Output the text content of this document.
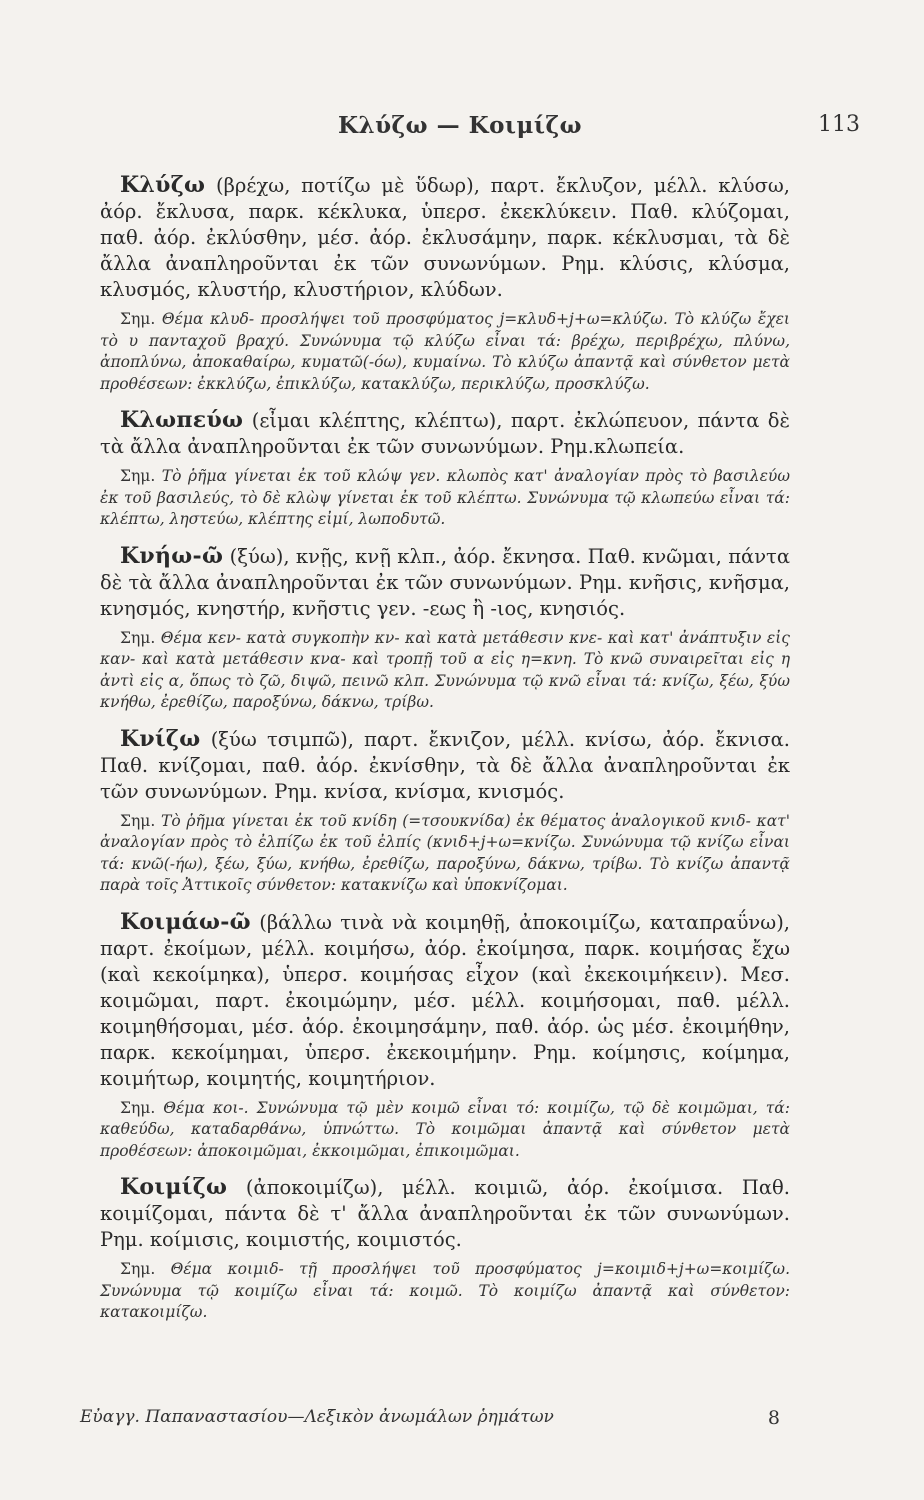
Κλύζω — Κοιμίζω	113

Κλύζω (βρέχω, ποτίζω μὲ ὕδωρ), παρτ. ἔκλυζον, μέλλ. κλύσω, ἀόρ. ἔκλυσα, παρκ. κέκλυκα, ὑπερσ. ἐκεκλύκειν. Παθ. κλύζομαι, παθ. ἀόρ. ἐκλύσθην, μέσ. ἀόρ. ἐκλυσάμην, παρκ. κέκλυσμαι, τὰ δὲ ἄλλα ἀναπληροῦνται ἐκ τῶν συνωνύμων. Ρημ. κλύσις, κλύσμα, κλυσμός, κλυστήρ, κλυστήριον, κλύδων.

Σημ. Θέμα κλυδ- προσλήψει τοῦ προσφύματος j=κλυδ+j+ω=κλύζω. Τὸ κλύζω ἔχει τὸ υ πανταχοῦ βραχύ. Συνώνυμα τῷ κλύζω εἶναι τά: βρέχω, περιβρέχω, πλύνω, ἀποπλύνω, ἀποκαθαίρω, κυματῶ(-όω), κυμαίνω. Τὸ κλύζω ἀπαντᾷ καὶ σύνθετον μετὰ προθέσεων: ἐκκλύζω, ἐπικλύζω, κατακλύζω, περικλύζω, προσκλύζω.

Κλωπεύω (εἶμαι κλέπτης, κλέπτω), παρτ. ἐκλώπευον, πάντα δὲ τὰ ἄλλα ἀναπληροῦνται ἐκ τῶν συνωνύμων. Ρημ.κλωπεία.

Σημ. Τὸ ῥῆμα γίνεται ἐκ τοῦ κλώψ γεν. κλωπὸς κατ' ἀναλογίαν πρὸς τὸ βασιλεύω ἐκ τοῦ βασιλεύς, τὸ δὲ κλὼψ γίνεται ἐκ τοῦ κλέπτω. Συνώνυμα τῷ κλωπεύω εἶναι τά: κλέπτω, ληστεύω, κλέπτης εἰμί, λωποδυτῶ.

Κνήω-ῶ (ξύω), κνῇς, κνῇ κλπ., ἀόρ. ἔκνησα. Παθ. κνῶμαι, πάντα δὲ τὰ ἄλλα ἀναπληροῦνται ἐκ τῶν συνωνύμων. Ρημ. κνῆσις, κνῆσμα, κνησμός, κνηστήρ, κνῆστις γεν. -εως ἢ -ιος, κνησιός.

Σημ. Θέμα κεν- κατὰ συγκοπὴν κν- καὶ κατὰ μετάθεσιν κνε- καὶ κατ' ἀνάπτυξιν εἰς καν- καὶ κατὰ μετάθεσιν κνα- καὶ τροπῇ τοῦ α εἰς η=κνη. Τὸ κνῶ συναιρεῖται εἰς η ἀντὶ εἰς α, ὅπως τὸ ζῶ, διψῶ, πεινῶ κλπ. Συνώνυμα τῷ κνῶ εἶναι τά: κνίζω, ξέω, ξύω κνήθω, ἐρεθίζω, παροξύνω, δάκνω, τρίβω.

Κνίζω (ξύω τσιμπῶ), παρτ. ἔκνιζον, μέλλ. κνίσω, ἀόρ. ἔκνισα. Παθ. κνίζομαι, παθ. ἀόρ. ἐκνίσθην, τὰ δὲ ἄλλα ἀναπληροῦνται ἐκ τῶν συνωνύμων. Ρημ. κνίσα, κνίσμα, κνισμός.

Σημ. Τὸ ῥῆμα γίνεται ἐκ τοῦ κνίδη (=τσουκνίδα) ἐκ θέματος ἀναλογικοῦ κνιδ- κατ' ἀναλογίαν πρὸς τὸ ἐλπίζω ἐκ τοῦ ἐλπίς (κνιδ+j+ω=κνίζω. Συνώνυμα τῷ κνίζω εἶναι τά: κνῶ(-ήω), ξέω, ξύω, κνήθω, ἐρεθίζω, παροξύνω, δάκνω, τρίβω. Τὸ κνίζω ἀπαντᾷ παρὰ τοῖς Ἀττικοῖς σύνθετον: κατακνίζω καὶ ὑποκνίζομαι.

Κοιμάω-ῶ (βάλλω τινὰ νὰ κοιμηθῇ, ἀποκοιμίζω, καταπραΰνω), παρτ. ἐκοίμων, μέλλ. κοιμήσω, ἀόρ. ἐκοίμησα, παρκ. κοιμήσας ἔχω (καὶ κεκοίμηκα), ὑπερσ. κοιμήσας εἶχον (καὶ ἐκεκοιμήκειν). Μεσ. κοιμῶμαι, παρτ. ἐκοιμώμην, μέσ. μέλλ. κοιμήσομαι, παθ. μέλλ. κοιμηθήσομαι, μέσ. ἀόρ. ἐκοιμησάμην, παθ. ἀόρ. ὡς μέσ. ἐκοιμήθην, παρκ. κεκοίμημαι, ὑπερσ. ἐκεκοιμήμην. Ρημ. κοίμησις, κοίμημα, κοιμήτωρ, κοιμητής, κοιμητήριον.

Σημ. Θέμα κοι-. Συνώνυμα τῷ μὲν κοιμῶ εἶναι τό: κοιμίζω, τῷ δὲ κοιμῶμαι, τά: καθεύδω, καταδαρθάνω, ὑπνώττω. Τὸ κοιμῶμαι ἀπαντᾷ καὶ σύνθετον μετὰ προθέσεων: ἀποκοιμῶμαι, ἐκκοιμῶμαι, ἐπικοιμῶμαι.

Κοιμίζω (ἀποκοιμίζω), μέλλ. κοιμιῶ, ἀόρ. ἐκοίμισα. Παθ. κοιμίζομαι, πάντα δὲ τ' ἄλλα ἀναπληροῦνται ἐκ τῶν συνωνύμων. Ρημ. κοίμισις, κοιμιστής, κοιμιστός.

Σημ. Θέμα κοιμιδ- τῇ προσλήψει τοῦ προσφύματος j=κοιμιδ+j+ω=κοιμίζω. Συνώνυμα τῷ κοιμίζω εἶναι τά: κοιμῶ. Τὸ κοιμίζω ἀπαντᾷ καὶ σύνθετον: κατακοιμίζω.

Εὐαγγ. Παπαναστασίου—Λεξικὸν ἀνωμάλων ῥημάτων	8
